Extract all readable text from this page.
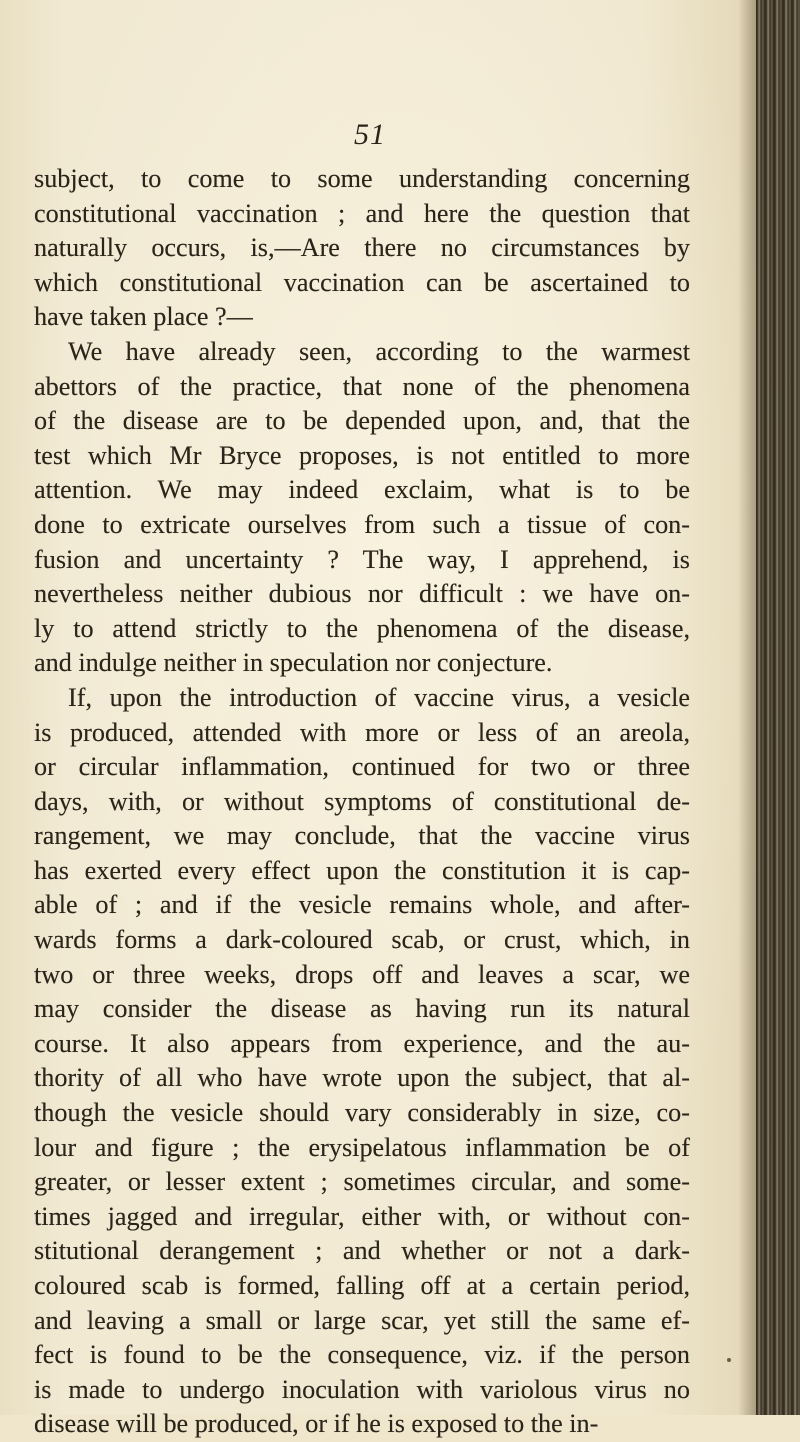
51
subject, to come to some understanding concerning
constitutional vaccination ; and here the question that
naturally occurs, is,—Are there no circumstances by
which constitutional vaccination can be ascertained to
have taken place ?—
We have already seen, according to the warmest
abettors of the practice, that none of the phenomena
of the disease are to be depended upon, and, that the
test which Mr Bryce proposes, is not entitled to more
attention. We may indeed exclaim, what is to be
done to extricate ourselves from such a tissue of con-
fusion and uncertainty ? The way, I apprehend, is
nevertheless neither dubious nor difficult : we have on-
ly to attend strictly to the phenomena of the disease,
and indulge neither in speculation nor conjecture.
If, upon the introduction of vaccine virus, a vesicle
is produced, attended with more or less of an areola,
or circular inflammation, continued for two or three
days, with, or without symptoms of constitutional de-
rangement, we may conclude, that the vaccine virus
has exerted every effect upon the constitution it is cap-
able of ; and if the vesicle remains whole, and after-
wards forms a dark-coloured scab, or crust, which, in
two or three weeks, drops off and leaves a scar, we
may consider the disease as having run its natural
course. It also appears from experience, and the au-
thority of all who have wrote upon the subject, that al-
though the vesicle should vary considerably in size, co-
lour and figure ; the erysipelatous inflammation be of
greater, or lesser extent ; sometimes circular, and some-
times jagged and irregular, either with, or without con-
stitutional derangement ; and whether or not a dark-
coloured scab is formed, falling off at a certain period,
and leaving a small or large scar, yet still the same ef-
fect is found to be the consequence, viz. if the person
is made to undergo inoculation with variolous virus no
disease will be produced, or if he is exposed to the in-
